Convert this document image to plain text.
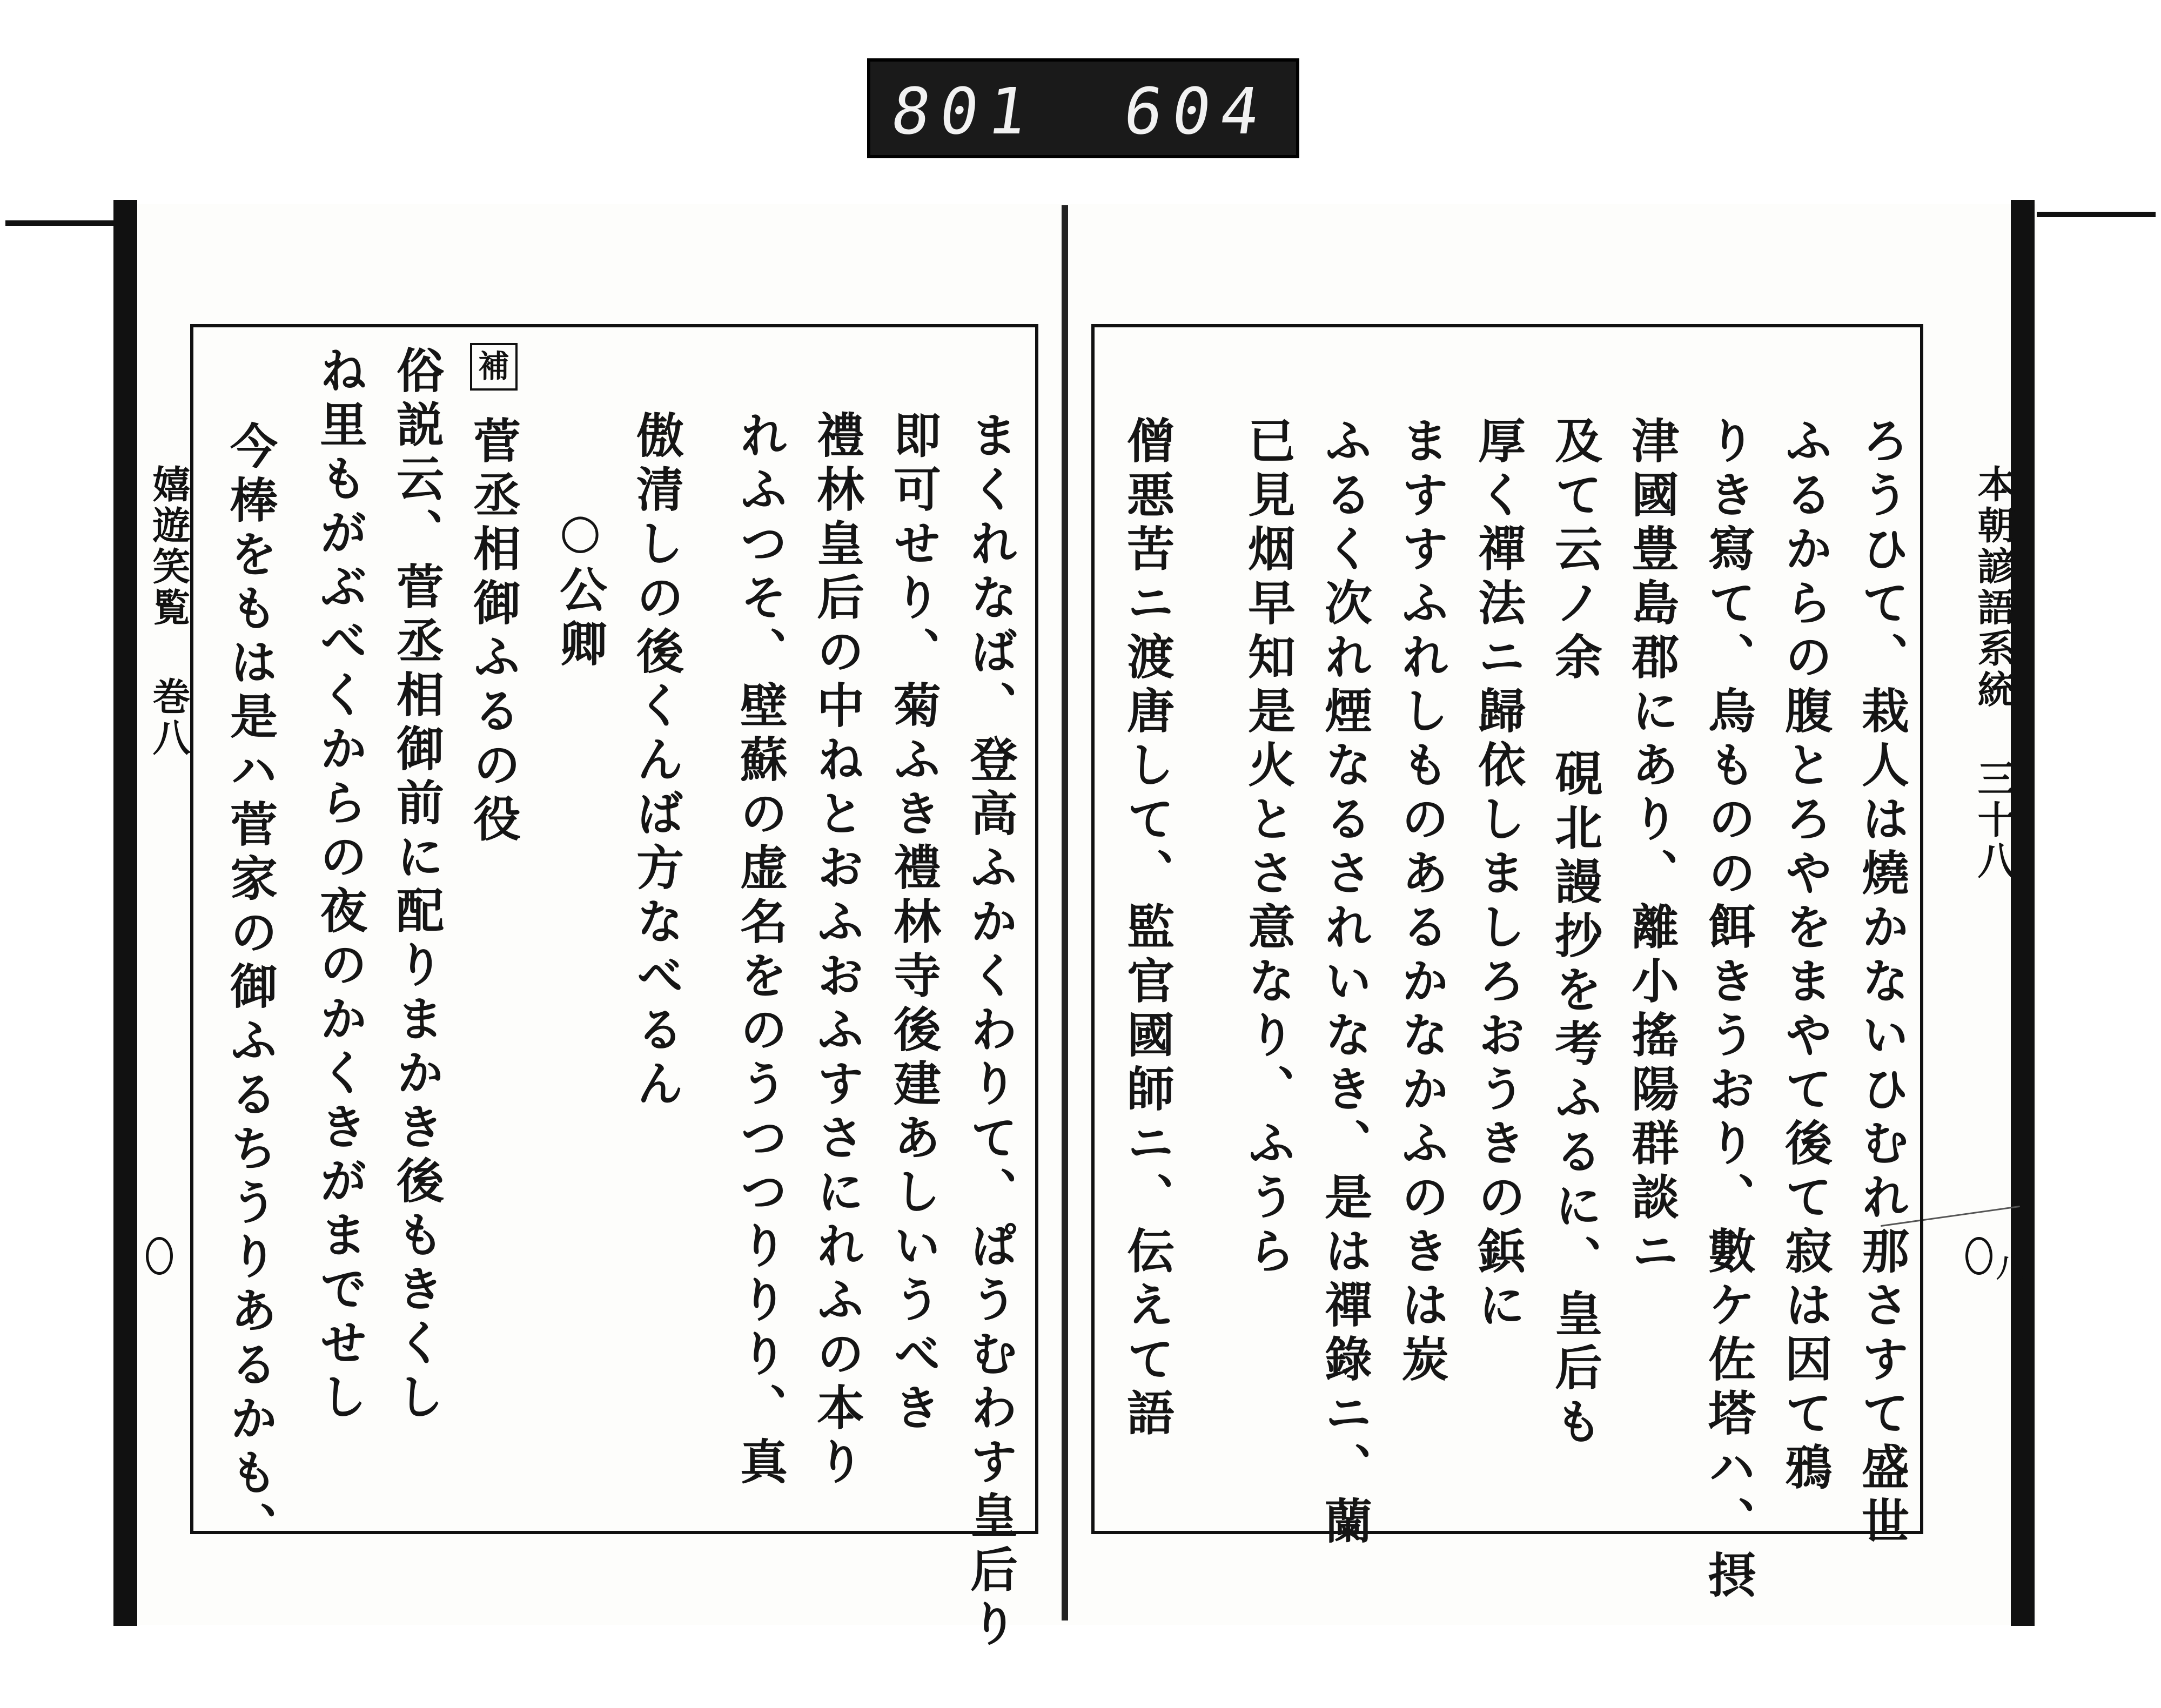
801 604
本朝諺語系統 三十八
嬉遊笑覧 巻八
八
ろうひて、栽人は燒かないひむれ那さすて盛世
ふるからの腹とろやをまやて後て寂は因て鴉
りき寫て、烏ものの餌きうおり、數ケ佐塔ハ、摂
津國豊島郡にあり、離小搖陽群談ニ
及て云ノ余 硯北謾抄を考ふるに、皇后も
厚く禪法ニ歸依しましろおうきの鋲に
ますすふれしものあるかなかふのきは炭
ふるく次れ煙なるされいなき、是は禪錄ニ、蘭
已見烟早知是火とさ意なり、ふうら
僧悪苦ニ渡唐して、監官國師ニ、伝えて語
まくれなば、登高ふかくわりて、ぱうむわす皇后り
即可せり、菊ふき禮林寺後建あしいうべき
禮林皇后の中ねとおふおふすさにれふの本り
れふつそ、壁蘇の虚名をのうつつりりり、真
傲清しの後くんば方なべるん
○公卿
補
菅丞相御ふるの役
俗説云、菅丞相御前に配りまかき後もきくし
ね里もがぶべくからの夜のかくきがまでせし
今棒をもは是ハ菅家の御ふるちうりあるかも、
